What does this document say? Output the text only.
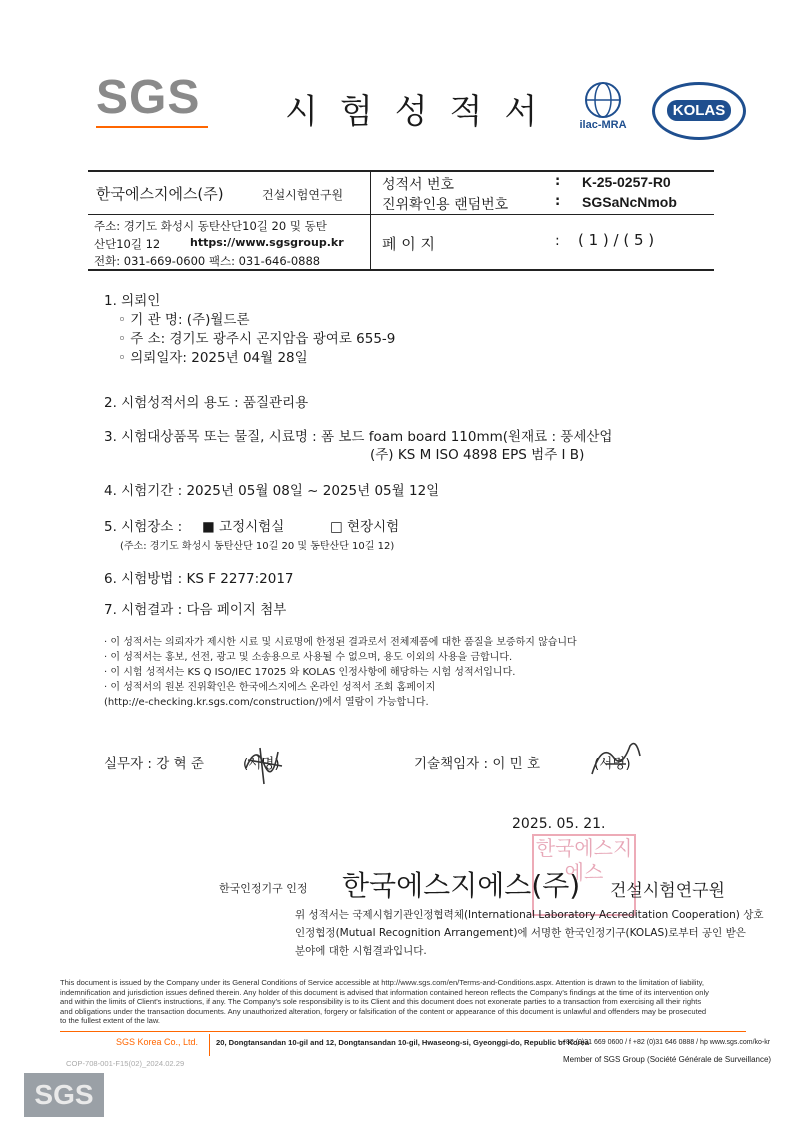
SGS 시험성적서	ilac-MRA
KOLAS
한국에스지에스(주)	건설시험연구원
주소: 경기도 화성시 동탄산단10길 20 및 동탄
산단10길 12	https://www.sgsgroup.kr
전화: 031-669-0600 팩스: 031-646-0888
성적서 번호	: K-25-0257-R0
진위확인용 랜덤번호	: SGSaNcNmob
페 이 지	: ( 1 ) / ( 5 )
1. 의뢰인
◦ 기 관 명: (주)월드론
◦ 주 소: 경기도 광주시 곤지암읍 광여로 655-9
◦ 의뢰일자: 2025년 04월 28일
2. 시험성적서의 용도 : 품질관리용
3. 시험대상품목 또는 물질, 시료명 : 폼 보드 foam board 110mm(원재료 : 풍세산업
(주) KS M ISO 4898 EPS 범주 I B)
4. 시험기간 : 2025년 05월 08일 ~ 2025년 05월 12일
5. 시험장소 : ■ 고정시험실	□ 현장시험
(주소: 경기도 화성시 동탄산단 10길 20 및 동탄산단 10길 12)
6. 시험방법 : KS F 2277:2017
7. 시험결과 : 다음 페이지 첨부
· 이 성적서는 의뢰자가 제시한 시료 및 시료명에 한정된 결과로서 전체제품에 대한 품질을 보증하지 않습니다
· 이 성적서는 홍보, 선전, 광고 및 소송용으로 사용될 수 없으며, 용도 이외의 사용을 금합니다.
· 이 시험 성적서는 KS Q ISO/IEC 17025 와 KOLAS 인정사항에 해당하는 시험 성적서입니다.
· 이 성적서의 원본 진위확인은 한국에스지에스 온라인 성적서 조회 홈페이지
(http://e-checking.kr.sgs.com/construction/)에서 열람이 가능합니다.
실무자 : 강 혁 준	(서명)	기술책임자 : 이 민 호	(서명)
2025. 05. 21.
한국에스지에스
한국인정기구 인정 한국에스지에스(주) 건설시험연구원
위 성적서는 국제시험기관인정협력체(International Laboratory Accreditation Cooperation) 상호
인정협정(Mutual Recognition Arrangement)에 서명한 한국인정기구(KOLAS)로부터 공인 받은
분야에 대한 시험결과입니다.
This document is issued by the Company under its General Conditions of Service accessible at http://www.sgs.com/en/Terms-and-Conditions.aspx. Attention is drawn to the limitation of liability,
indemnification and jurisdiction issues defined therein. Any holder of this document is advised that information contained hereon reflects the Company's findings at the time of its intervention only
and within the limits of Client's instructions, if any. The Company's sole responsibility is to its Client and this document does not exonerate parties to a transaction from exercising all their rights
and obligations under the transaction documents. Any unauthorized alteration, forgery or falsification of the content or appearance of this document is unlawful and offenders may be prosecuted
to the fullest extent of the law.
SGS Korea Co., Ltd. 20, Dongtansandan 10-gil and 12, Dongtansandan 10-gil, Hwaseong-si, Gyeonggi-do, Republic of Korea
t +82 (0)31 669 0600 / f +82 (0)31 646 0888 / hp www.sgs.com/ko-kr
Member of SGS Group (Société Générale de Surveillance)
COP-708-001-F15(02)_2024.02.29
SGS
